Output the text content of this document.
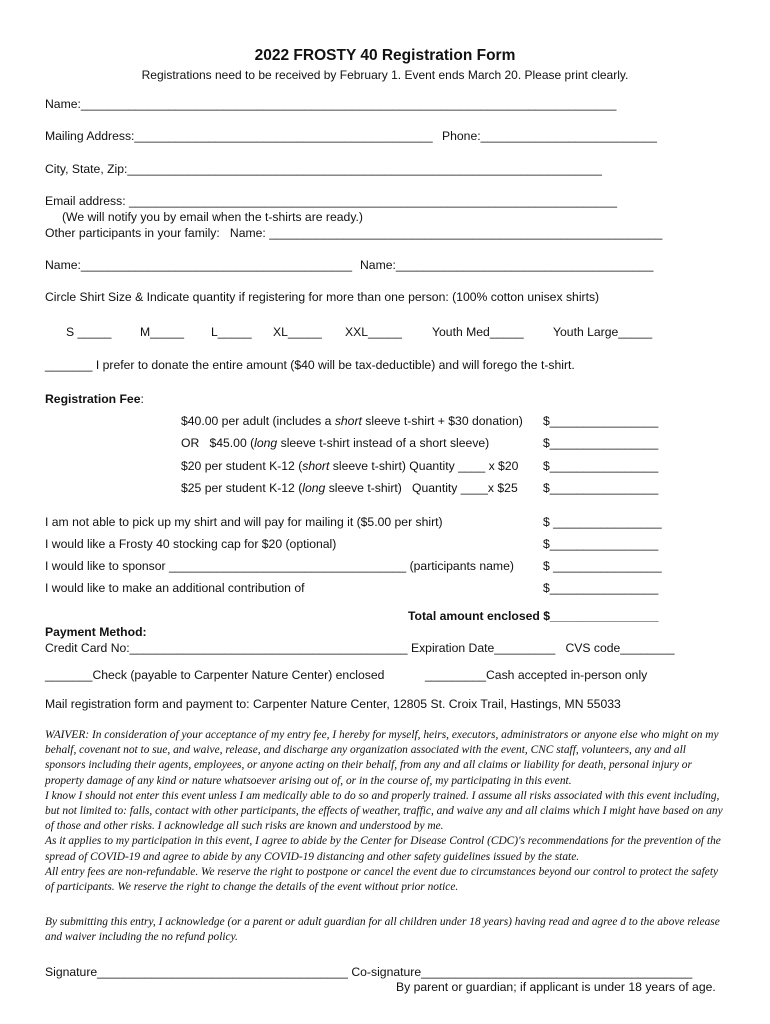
2022 FROSTY 40 Registration Form
Registrations need to be received by February 1. Event ends March 20. Please print clearly.
Name:_______________________________________________________________________________
Mailing Address:____________________________________________ Phone:__________________________
City, State, Zip:______________________________________________________________________
Email address: ________________________________________________________________________
(We will notify you by email when the t-shirts are ready.)
Other participants in your family:   Name: __________________________________________________________
Name:________________________________________ Name:______________________________________
Circle Shirt Size & Indicate quantity if registering for more than one person: (100% cotton unisex shirts)
S _____ M_____ L_____ XL_____ XXL_____ Youth Med_____ Youth Large_____
_______ I prefer to donate the entire amount ($40 will be tax-deductible) and will forego the t-shirt.
Registration Fee:
$40.00 per adult (includes a short sleeve t-shirt + $30 donation) $________________
OR   $45.00 (long sleeve t-shirt instead of a short sleeve)	$________________
$20 per student K-12 (short sleeve t-shirt) Quantity ____ x $20 $________________
$25 per student K-12 (long sleeve t-shirt)   Quantity ____x $25 $________________
I am not able to pick up my shirt and will pay for mailing it ($5.00 per shirt)	$ ________________
I would like a Frosty 40 stocking cap for $20 (optional)	$________________
I would like to sponsor ___________________________________ (participants name) $ ________________
I would like to make an additional contribution of	$________________
Total amount enclosed $________________
Payment Method:
Credit Card No:_________________________________________ Expiration Date_________   CVS code________
_______Check (payable to Carpenter Nature Center) enclosed	_________Cash accepted in-person only
Mail registration form and payment to: Carpenter Nature Center, 12805 St. Croix Trail, Hastings, MN 55033

WAIVER: In consideration of your acceptance of my entry fee, I hereby for myself, heirs, executors, administrators or anyone else who might on my behalf, covenant not to sue, and waive, release, and discharge any organization associated with the event, CNC staff, volunteers, any and all sponsors including their agents, employees, or anyone acting on their behalf, from any and all claims or liability for death, personal injury or property damage of any kind or nature whatsoever arising out of, or in the course of, my participating in this event.

I know I should not enter this event unless I am medically able to do so and properly trained. I assume all risks associated with this event including, but not limited to: falls, contact with other participants, the effects of weather, traffic, and waive any and all claims which I might have based on any of those and other risks. I acknowledge all such risks are known and understood by me.

As it applies to my participation in this event, I agree to abide by the Center for Disease Control (CDC)'s recommendations for the prevention of the spread of COVID-19 and agree to abide by any COVID-19 distancing and other safety guidelines issued by the state.

All entry fees are non-refundable. We reserve the right to postpone or cancel the event due to circumstances beyond our control to protect the safety of participants. We reserve the right to change the details of the event without prior notice.

By submitting this entry, I acknowledge (or a parent or adult guardian for all children under 18 years) having read and agree d to the above release and waiver including the no refund policy.
Signature_____________________________________ Co-signature________________________________________
By parent or guardian; if applicant is under 18 years of age.
